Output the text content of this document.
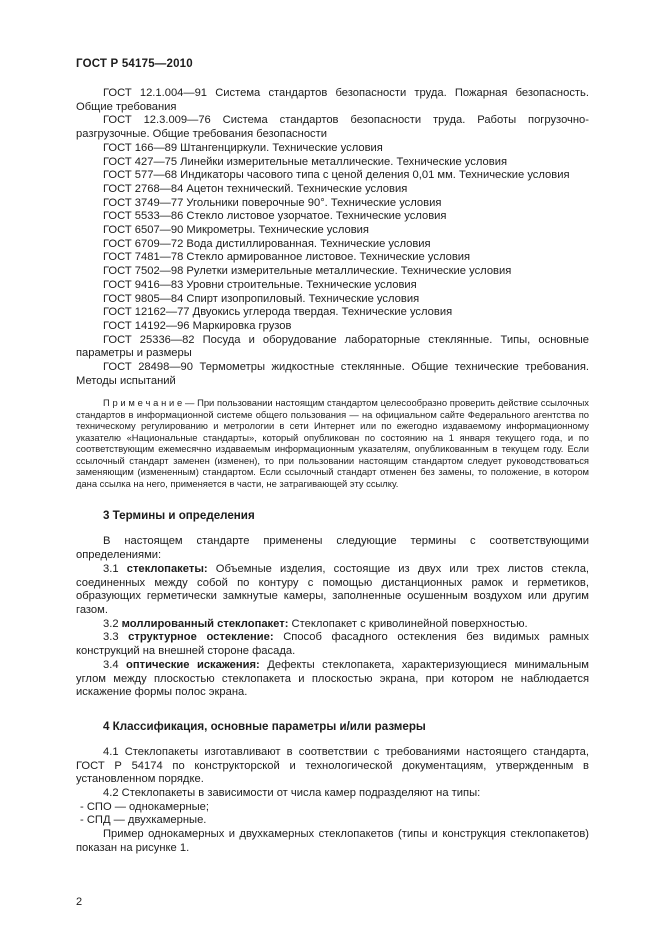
ГОСТ Р 54175—2010

ГОСТ 12.1.004—91 Система стандартов безопасности труда. Пожарная безопасность. Общие требования

ГОСТ 12.3.009—76 Система стандартов безопасности труда. Работы погрузочно-разгрузочные. Общие требования безопасности

ГОСТ 166—89 Штангенциркули. Технические условия

ГОСТ 427—75 Линейки измерительные металлические. Технические условия

ГОСТ 577—68 Индикаторы часового типа с ценой деления 0,01 мм. Технические условия

ГОСТ 2768—84 Ацетон технический. Технические условия

ГОСТ 3749—77 Угольники поверочные 90°. Технические условия

ГОСТ 5533—86 Стекло листовое узорчатое. Технические условия

ГОСТ 6507—90 Микрометры. Технические условия

ГОСТ 6709—72 Вода дистиллированная. Технические условия

ГОСТ 7481—78 Стекло армированное листовое. Технические условия

ГОСТ 7502—98 Рулетки измерительные металлические. Технические условия

ГОСТ 9416—83 Уровни строительные. Технические условия

ГОСТ 9805—84 Спирт изопропиловый. Технические условия

ГОСТ 12162—77 Двуокись углерода твердая. Технические условия

ГОСТ 14192—96 Маркировка грузов

ГОСТ 25336—82 Посуда и оборудование лабораторные стеклянные. Типы, основные параметры и размеры

ГОСТ 28498—90 Термометры жидкостные стеклянные. Общие технические требования. Методы испытаний

П р и м е ч а н и е — При пользовании настоящим стандартом целесообразно проверить действие ссылочных стандартов в информационной системе общего пользования — на официальном сайте Федерального агентства по техническому регулированию и метрологии в сети Интернет или по ежегодно издаваемому информационному указателю «Национальные стандарты», который опубликован по состоянию на 1 января текущего года, и по соответствующим ежемесячно издаваемым информационным указателям, опубликованным в текущем году. Если ссылочный стандарт заменен (изменен), то при пользовании настоящим стандартом следует руководствоваться заменяющим (измененным) стандартом. Если ссылочный стандарт отменен без замены, то положение, в котором дана ссылка на него, применяется в части, не затрагивающей эту ссылку.

3 Термины и определения

В настоящем стандарте применены следующие термины с соответствующими определениями:

3.1 стеклопакеты: Объемные изделия, состоящие из двух или трех листов стекла, соединенных между собой по контуру с помощью дистанционных рамок и герметиков, образующих герметически замкнутые камеры, заполненные осушенным воздухом или другим газом.

3.2 моллированный стеклопакет: Стеклопакет с криволинейной поверхностью.

3.3 структурное остекление: Способ фасадного остекления без видимых рамных конструкций на внешней стороне фасада.

3.4 оптические искажения: Дефекты стеклопакета, характеризующиеся минимальным углом между плоскостью стеклопакета и плоскостью экрана, при котором не наблюдается искажение формы полос экрана.

4 Классификация, основные параметры и/или размеры

4.1 Стеклопакеты изготавливают в соответствии с требованиями настоящего стандарта, ГОСТ Р 54174 по конструкторской и технологической документациям, утвержденным в установленном порядке.

4.2 Стеклопакеты в зависимости от числа камер подразделяют на типы:

- СПО — однокамерные;

- СПД — двухкамерные.

Пример однокамерных и двухкамерных стеклопакетов (типы и конструкция стеклопакетов) показан на рисунке 1.

2
